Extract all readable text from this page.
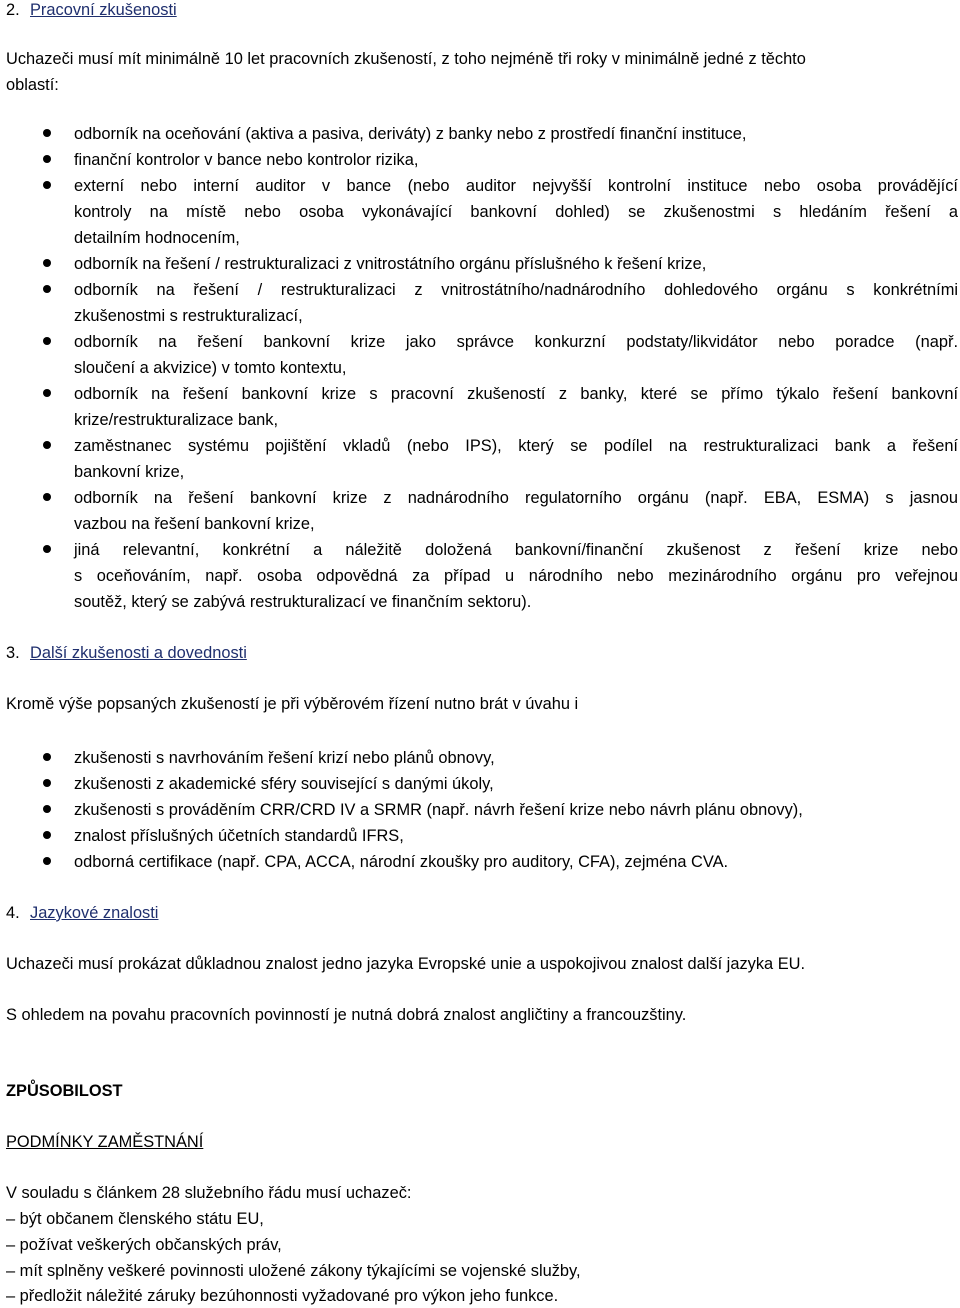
2. Pracovní zkušenosti
Uchazeči musí mít minimálně 10 let pracovních zkušeností, z toho nejméně tři roky v minimálně jedné z těchto
oblastí:
odborník na oceňování (aktiva a pasiva, deriváty) z banky nebo z prostředí finanční instituce,
finanční kontrolor v bance nebo kontrolor rizika,
externí nebo interní auditor v bance (nebo auditor nejvyšší kontrolní instituce nebo osoba provádějící
kontroly na místě nebo osoba vykonávající bankovní dohled) se zkušenostmi s hledáním řešení a
detailním hodnocením,
odborník na řešení / restrukturalizaci z vnitrostátního orgánu příslušného k řešení krize,
odborník na řešení / restrukturalizaci z vnitrostátního/nadnárodního dohledového orgánu s konkrétními
zkušenostmi s restrukturalizací,
odborník na řešení bankovní krize jako správce konkurzní podstaty/likvidátor nebo poradce (např.
sloučení a akvizice) v tomto kontextu,
odborník na řešení bankovní krize s pracovní zkušeností z banky, které se přímo týkalo řešení bankovní
krize/restrukturalizace bank,
zaměstnanec systému pojištění vkladů (nebo IPS), který se podílel na restrukturalizaci bank a řešení
bankovní krize,
odborník na řešení bankovní krize z nadnárodního regulatorního orgánu (např. EBA, ESMA) s jasnou
vazbou na řešení bankovní krize,
jiná relevantní, konkrétní a náležitě doložená bankovní/finanční zkušenost z řešení krize nebo
s oceňováním, např. osoba odpovědná za případ u národního nebo mezinárodního orgánu pro veřejnou
soutěž, který se zabývá restrukturalizací ve finančním sektoru).
3. Další zkušenosti a dovednosti
Kromě výše popsaných zkušeností je při výběrovém řízení nutno brát v úvahu i
zkušenosti s navrhováním řešení krizí nebo plánů obnovy,
zkušenosti z akademické sféry související s danými úkoly,
zkušenosti s prováděním CRR/CRD IV a SRMR (např. návrh řešení krize nebo návrh plánu obnovy),
znalost příslušných účetních standardů IFRS,
odborná certifikace (např. CPA, ACCA, národní zkoušky pro auditory, CFA), zejména CVA.
4. Jazykové znalosti
Uchazeči musí prokázat důkladnou znalost jedno jazyka Evropské unie a uspokojivou znalost další jazyka EU.
S ohledem na povahu pracovních povinností je nutná dobrá znalost angličtiny a francouzštiny.
ZPŮSOBILOST
PODMÍNKY ZAMĚSTNÁNÍ
V souladu s článkem 28 služebního řádu musí uchazeč:
– být občanem členského státu EU,
– požívat veškerých občanských práv,
– mít splněny veškeré povinnosti uložené zákony týkajícími se vojenské služby,
– předložit náležité záruky bezúhonnosti vyžadované pro výkon jeho funkce.
